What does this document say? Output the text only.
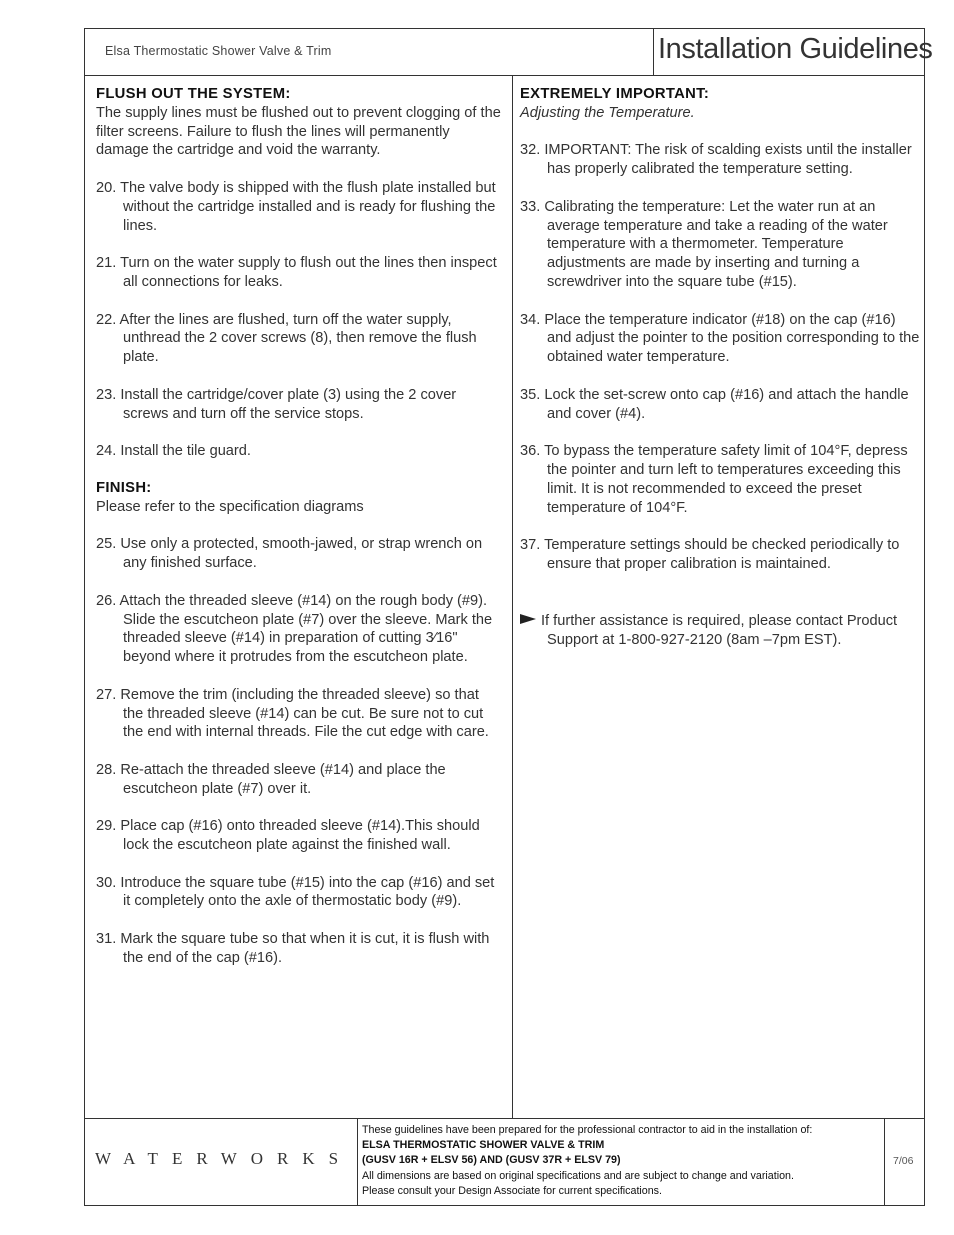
Elsa Thermostatic Shower Valve & Trim	Installation Guidelines
FLUSH OUT THE SYSTEM:

The supply lines must be flushed out to prevent clogging of the filter screens. Failure to flush the lines will permanently damage the cartridge and void the warranty.

20. The valve body is shipped with the flush plate installed but without the cartridge installed and is ready for flushing the lines.

21. Turn on the water supply to flush out the lines then inspect all connections for leaks.

22. After the lines are flushed, turn off the water supply, unthread the 2 cover screws (8), then remove the flush plate.

23. Install the cartridge/cover plate (3) using the 2 cover screws and turn off the service stops.

24. Install the tile guard.

FINISH:

Please refer to the specification diagrams

25. Use only a protected, smooth-jawed, or strap wrench on any finished surface.

26. Attach the threaded sleeve (#14) on the rough body (#9). Slide the escutcheon plate (#7) over the sleeve. Mark the threaded sleeve (#14) in preparation of cutting 3⁄16" beyond where it protrudes from the escutcheon plate.

27. Remove the trim (including the threaded sleeve) so that the threaded sleeve (#14) can be cut. Be sure not to cut the end with internal threads. File the cut edge with care.

28. Re-attach the threaded sleeve (#14) and place the escutcheon plate (#7) over it.

29. Place cap (#16) onto threaded sleeve (#14).This should lock the escutcheon plate against the finished wall.

30. Introduce the square tube (#15) into the cap (#16) and set it completely onto the axle of thermostatic body (#9).

31. Mark the square tube so that when it is cut, it is flush with the end of the cap (#16).

EXTREMELY IMPORTANT:

Adjusting the Temperature.

32. IMPORTANT: The risk of scalding exists until the installer has properly calibrated the temperature setting.

33. Calibrating the temperature: Let the water run at an average temperature and take a reading of the water temperature with a thermometer. Temperature adjustments are made by inserting and turning a screwdriver into the square tube (#15).

34. Place the temperature indicator (#18) on the cap (#16) and adjust the pointer to the position corresponding to the obtained water temperature.

35. Lock the set-screw onto cap (#16) and attach the handle and cover (#4).

36. To bypass the temperature safety limit of 104°F, depress the pointer and turn left to temperatures exceeding this limit. It is not recommended to exceed the preset temperature of 104°F.

37. Temperature settings should be checked periodically to ensure that proper calibration is maintained.

If further assistance is required, please contact Product Support at 1-800-927-2120 (8am –7pm EST).

WATERWORKS
These guidelines have been prepared for the professional contractor to aid in the installation of:
ELSA THERMOSTATIC SHOWER VALVE & TRIM
(GUSV 16R + ELSV 56) AND (GUSV 37R + ELSV 79)
All dimensions are based on original specifications and are subject to change and variation.
Please consult your Design Associate for current specifications.
7/06
